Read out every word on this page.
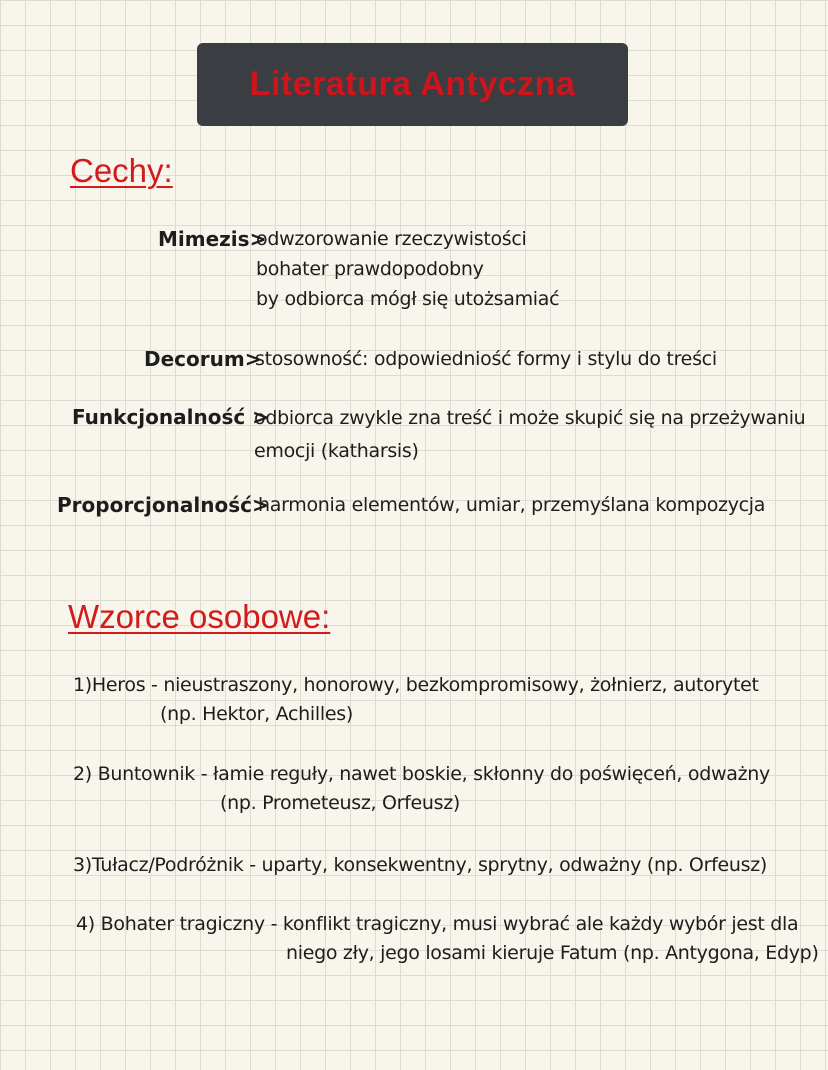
Literatura Antyczna
Cechy:
Mimezis>
odwzorowanie rzeczywistości
bohater prawdopodobny
by odbiorca mógł się utożsamiać
Decorum>
stosowność: odpowiedniość formy i stylu do treści
Funkcjonalność >
odbiorca zwykle zna treść i może skupić się na przeżywaniu
emocji (katharsis)
Proporcjonalność>
harmonia elementów, umiar, przemyślana kompozycja
Wzorce osobowe:
1)Heros - nieustraszony, honorowy, bezkompromisowy, żołnierz, autorytet
(np. Hektor, Achilles)
2) Buntownik - łamie reguły, nawet boskie, skłonny do poświęceń, odważny
(np. Prometeusz, Orfeusz)
3)Tułacz/Podróżnik - uparty, konsekwentny, sprytny, odważny (np. Orfeusz)
4) Bohater tragiczny - konflikt tragiczny, musi wybrać ale każdy wybór jest dla
niego zły, jego losami kieruje Fatum (np. Antygona, Edyp)
